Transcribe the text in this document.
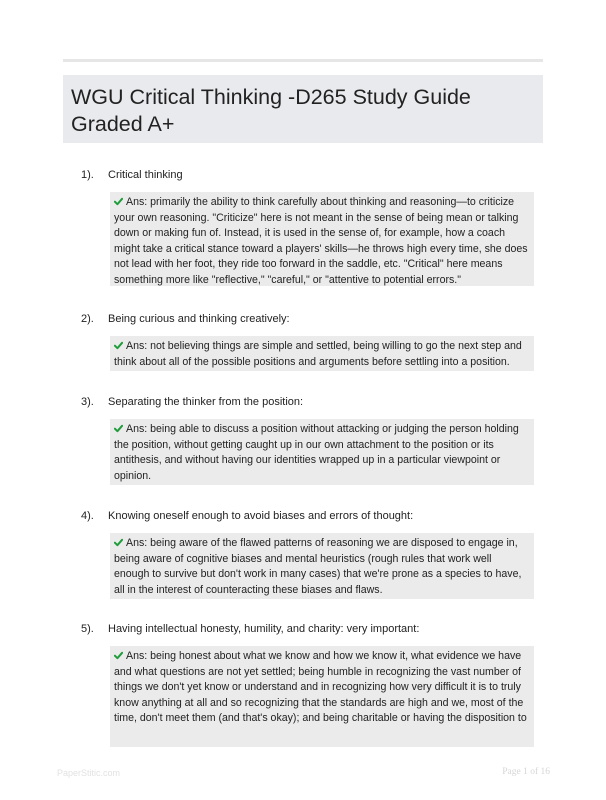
WGU Critical Thinking -D265 Study Guide Graded A+
1). Critical thinking
Ans: primarily the ability to think carefully about thinking and reasoning—to criticize your own reasoning. "Criticize" here is not meant in the sense of being mean or talking down or making fun of. Instead, it is used in the sense of, for example, how a coach might take a critical stance toward a players' skills—he throws high every time, she does not lead with her foot, they ride too forward in the saddle, etc. "Critical" here means something more like "reflective," "careful," or "attentive to potential errors."
2). Being curious and thinking creatively:
Ans: not believing things are simple and settled, being willing to go the next step and think about all of the possible positions and arguments before settling into a position.
3). Separating the thinker from the position:
Ans: being able to discuss a position without attacking or judging the person holding the position, without getting caught up in our own attachment to the position or its antithesis, and without having our identities wrapped up in a particular viewpoint or opinion.
4). Knowing oneself enough to avoid biases and errors of thought:
Ans: being aware of the flawed patterns of reasoning we are disposed to engage in, being aware of cognitive biases and mental heuristics (rough rules that work well enough to survive but don't work in many cases) that we're prone as a species to have, all in the interest of counteracting these biases and flaws.
5). Having intellectual honesty, humility, and charity: very important:
Ans: being honest about what we know and how we know it, what evidence we have and what questions are not yet settled; being humble in recognizing the vast number of things we don't yet know or understand and in recognizing how very difficult it is to truly know anything at all and so recognizing that the standards are high and we, most of the time, don't meet them (and that's okay); and being charitable or having the disposition to
PaperStitic.com	Page 1 of 16
